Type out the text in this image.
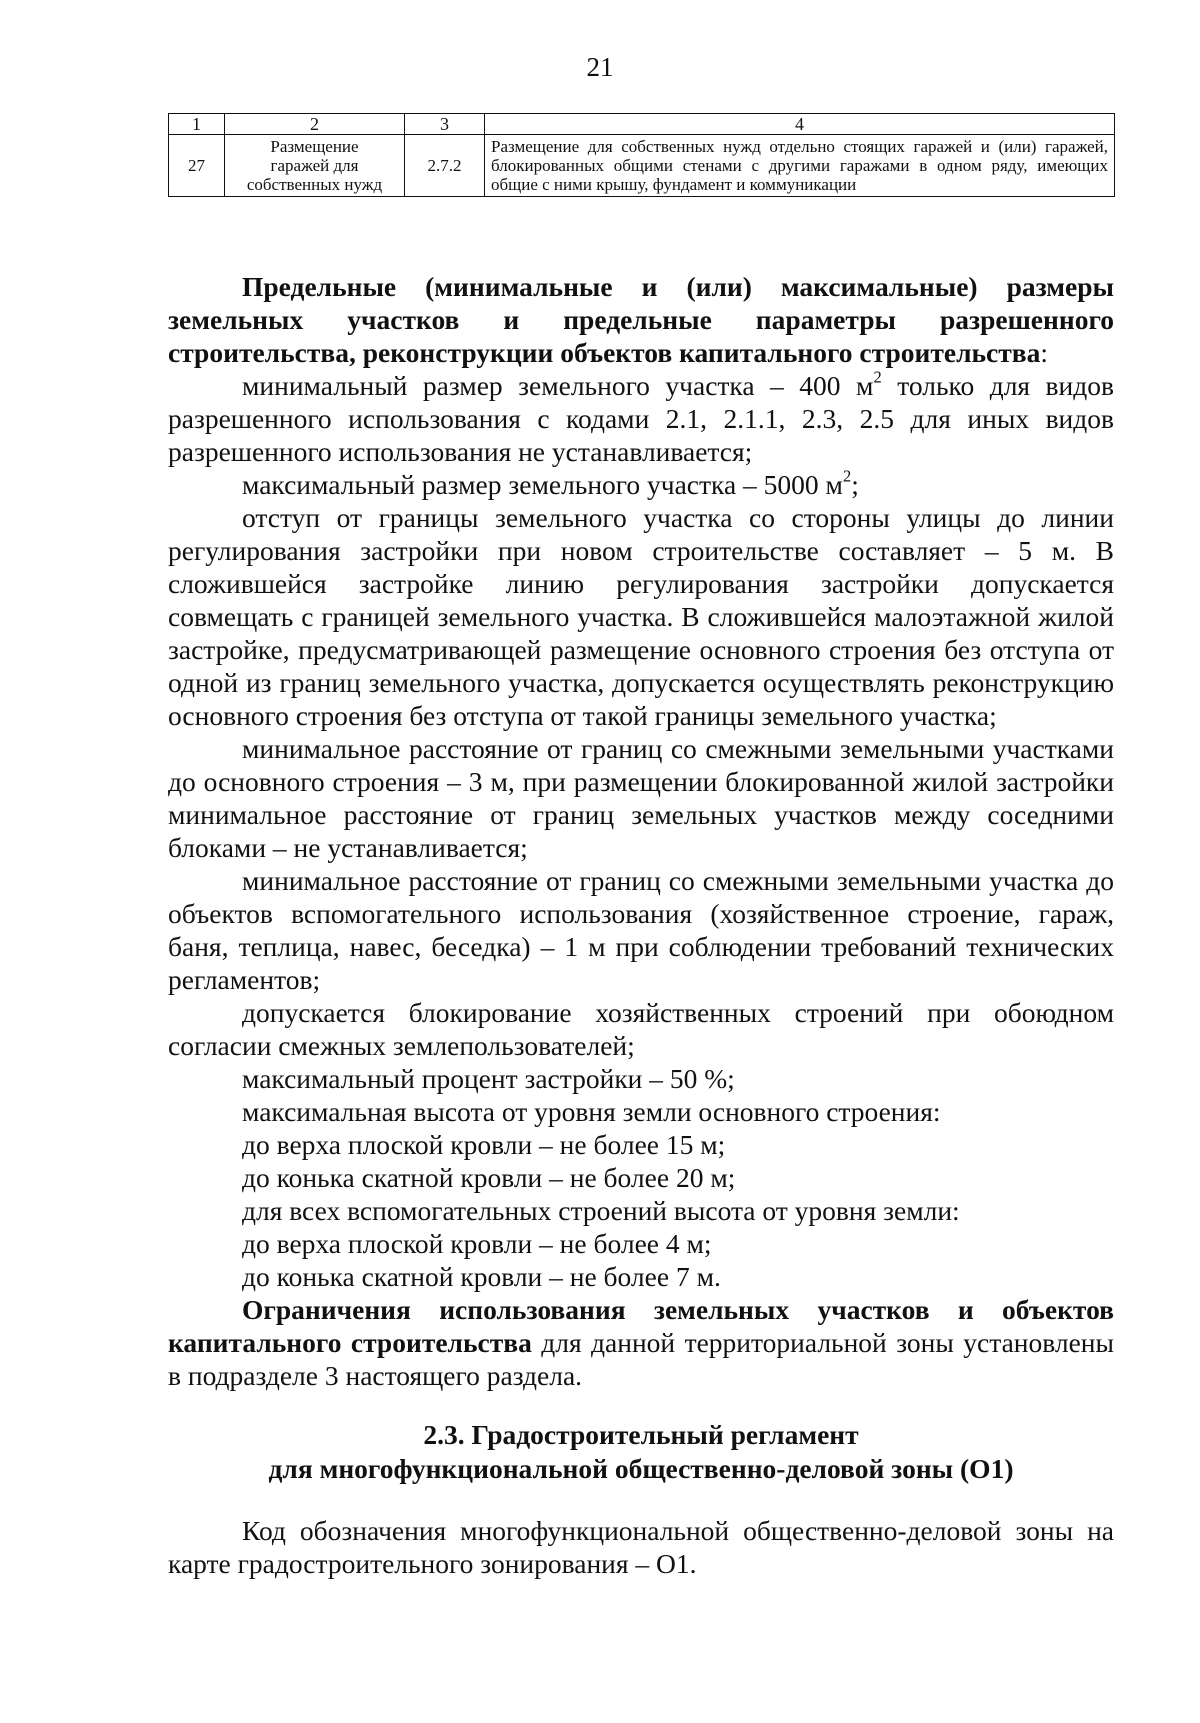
21
1	2	3	4
27	Размещение гаражей для собственных нужд	2.7.2	Размещение для собственных нужд отдельно стоящих гаражей и (или) гаражей, блокированных общими стенами с другими гаражами в одном ряду, имеющих общие с ними крышу, фундамент и коммуникации

Предельные (минимальные и (или) максимальные) размеры земельных участков и предельные параметры разрешенного строительства, реконструкции объектов капитального строительства:

минимальный размер земельного участка – 400 $м^2$ только для видов разрешенного использования с кодами 2.1, 2.1.1, 2.3, 2.5 для иных видов разрешенного использования не устанавливается;

максимальный размер земельного участка – 5000 $м^2$;

отступ от границы земельного участка со стороны улицы до линии регулирования застройки при новом строительстве составляет – 5 м. В сложившейся застройке линию регулирования застройки допускается совмещать с границей земельного участка. В сложившейся малоэтажной жилой застройке, предусматривающей размещение основного строения без отступа от одной из границ земельного участка, допускается осуществлять реконструкцию основного строения без отступа от такой границы земельного участка;

минимальное расстояние от границ со смежными земельными участками до основного строения – 3 м, при размещении блокированной жилой застройки минимальное расстояние от границ земельных участков между соседними блоками – не устанавливается;

минимальное расстояние от границ со смежными земельными участка до объектов вспомогательного использования (хозяйственное строение, гараж, баня, теплица, навес, беседка) – 1 м при соблюдении требований технических регламентов;

допускается блокирование хозяйственных строений при обоюдном согласии смежных землепользователей;

максимальный процент застройки – 50 %;

максимальная высота от уровня земли основного строения:

до верха плоской кровли – не более 15 м;

до конька скатной кровли – не более 20 м;

для всех вспомогательных строений высота от уровня земли:

до верха плоской кровли – не более 4 м;

до конька скатной кровли – не более 7 м.

Ограничения использования земельных участков и объектов капитального строительства для данной территориальной зоны установлены в подразделе 3 настоящего раздела.

2.3. Градостроительный регламент
для многофункциональной общественно-деловой зоны (О1)

Код обозначения многофункциональной общественно-деловой зоны на карте градостроительного зонирования – О1.
